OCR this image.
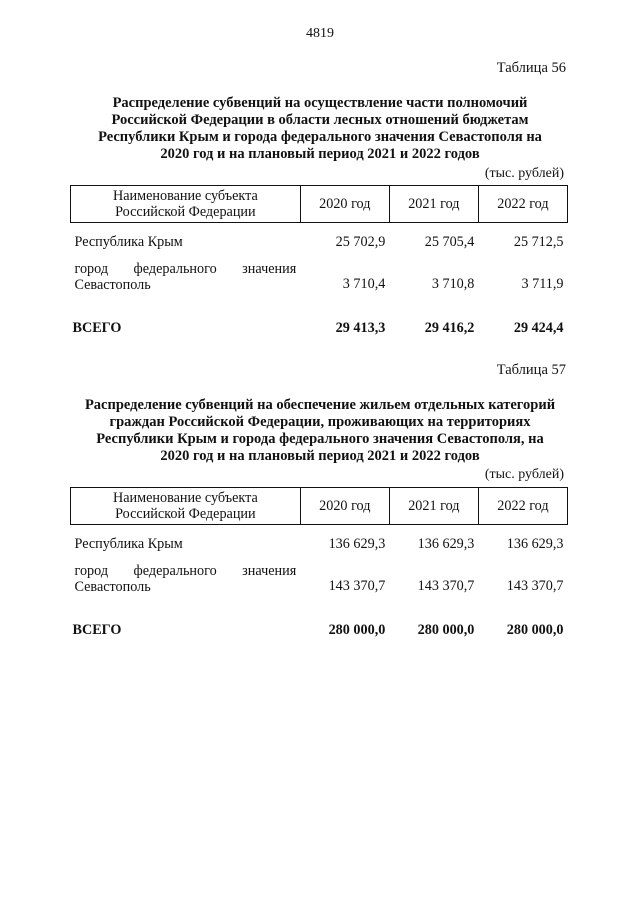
4819
Таблица 56
Распределение субвенций на осуществление части полномочий
Российской Федерации в области лесных отношений бюджетам
Республики Крым и города федерального значения Севастополя на
2020 год и на плановый период 2021 и 2022 годов
(тыс. рублей)
Наименование субъекта
Российской Федерации	2020 год	2021 год	2022 год

Республика Крым	25 702,9	25 705,4	25 712,5

город федерального значения
Севастополь	3 710,4	3 710,8	3 711,9
ВСЕГО	29 413,3	29 416,2	29 424,4
Таблица 57
Распределение субвенций на обеспечение жильем отдельных категорий
граждан Российской Федерации, проживающих на территориях
Республики Крым и города федерального значения Севастополя, на
2020 год и на плановый период 2021 и 2022 годов
(тыс. рублей)
Наименование субъекта
Российской Федерации	2020 год	2021 год	2022 год

Республика Крым	136 629,3	136 629,3	136 629,3

город федерального значения
Севастополь	143 370,7	143 370,7	143 370,7
ВСЕГО	280 000,0	280 000,0	280 000,0
